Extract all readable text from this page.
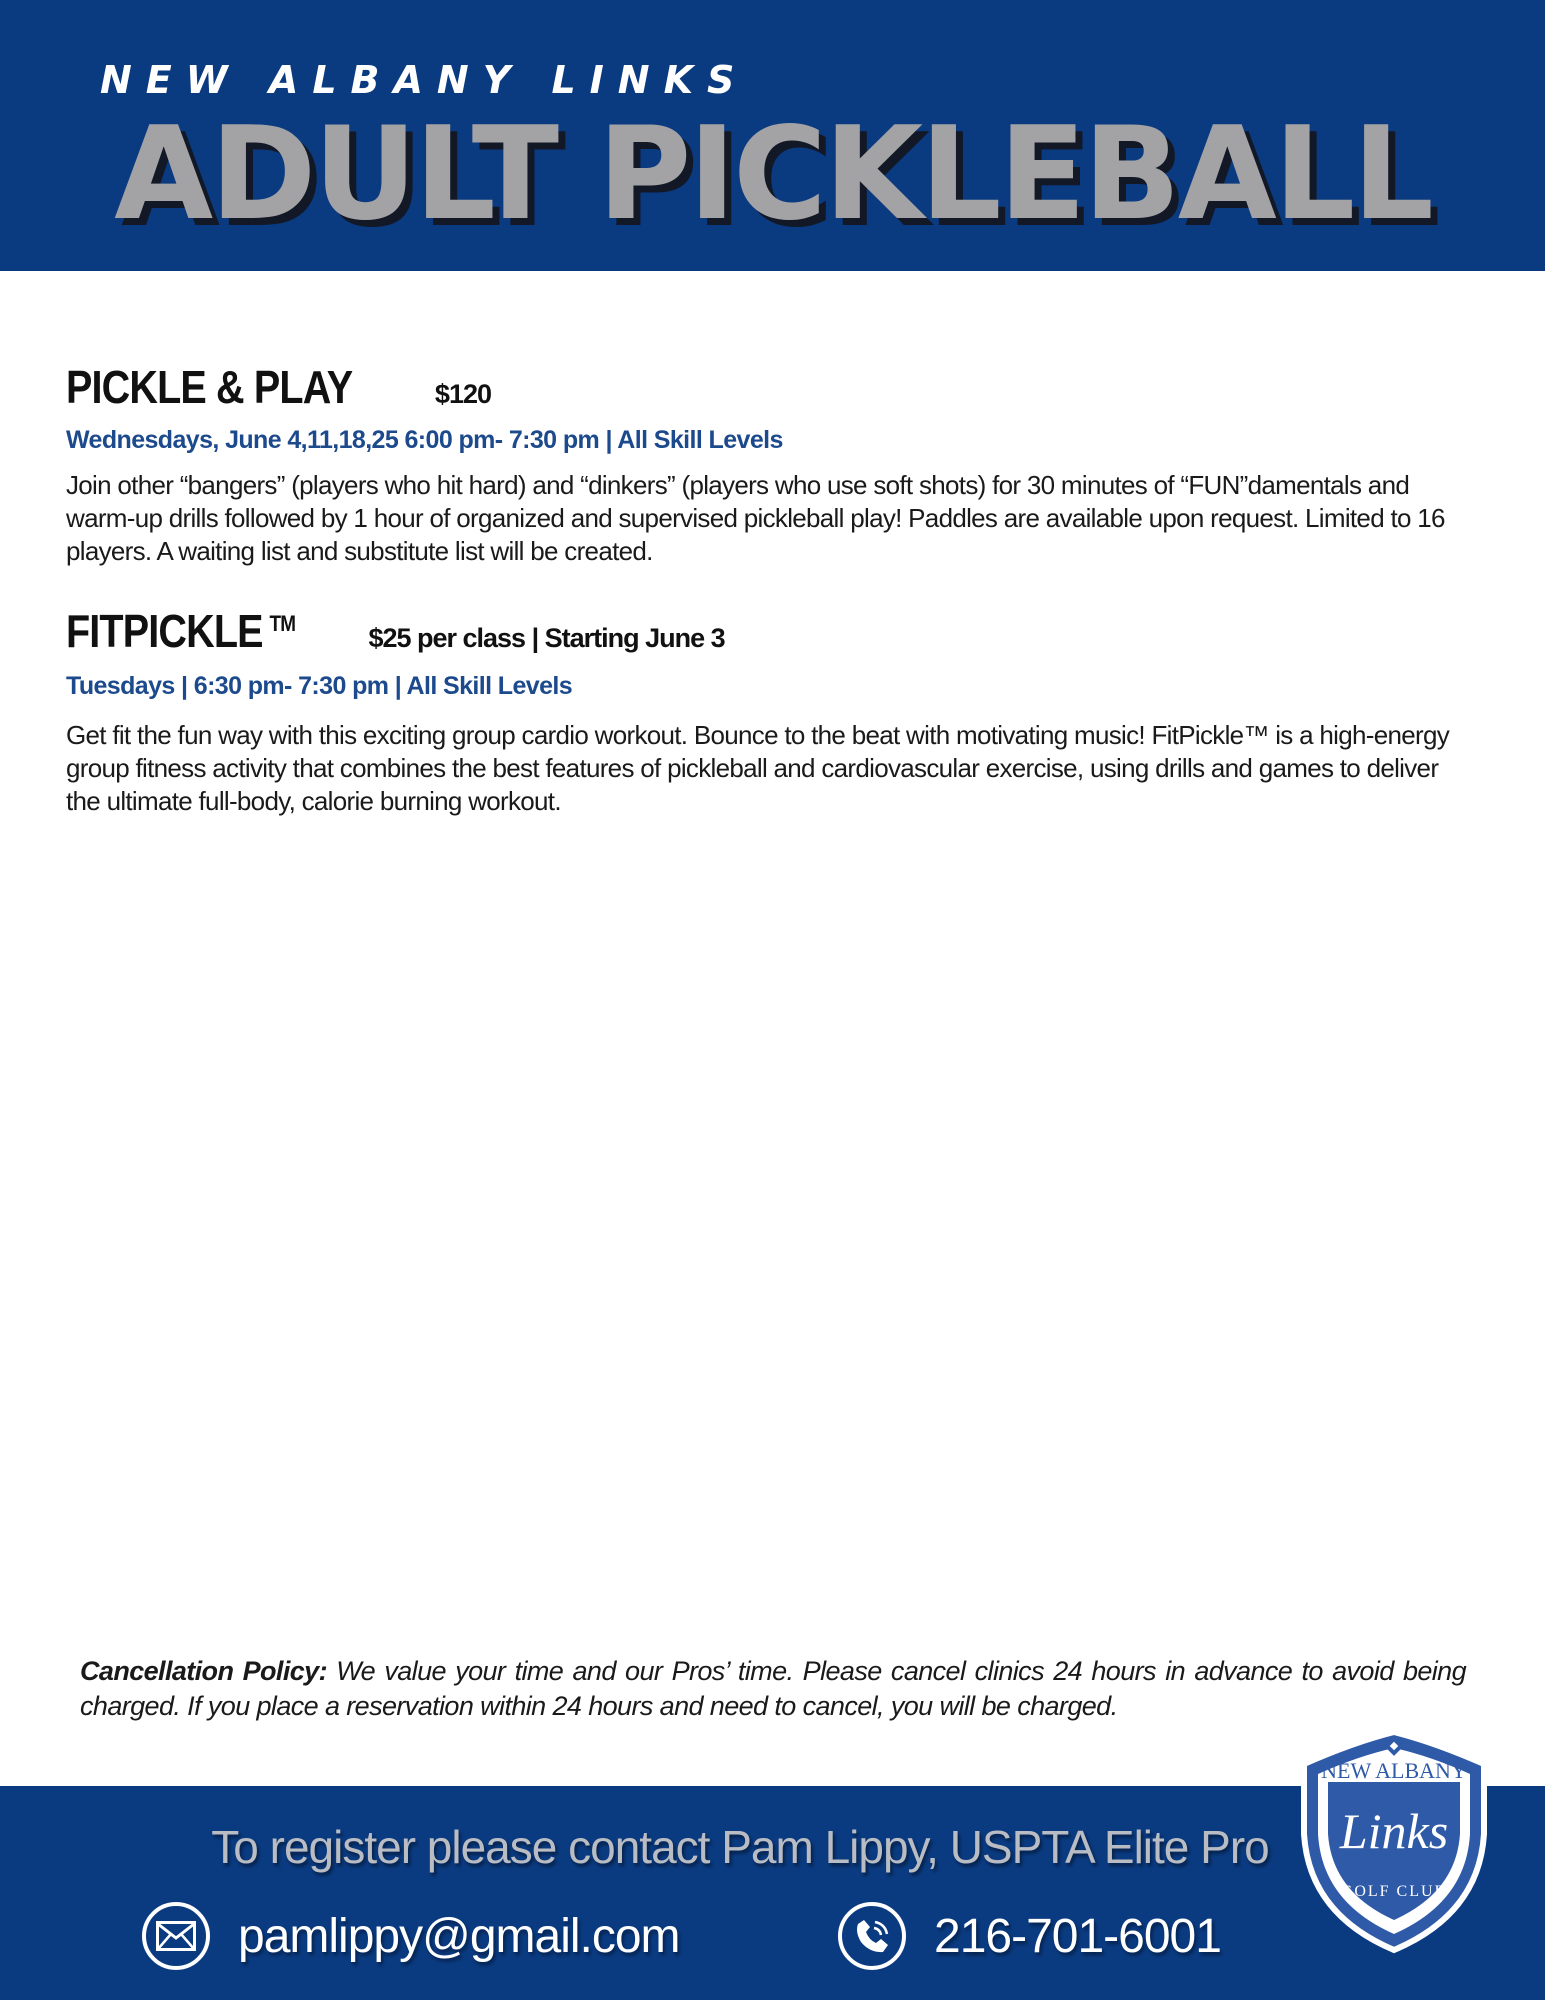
NEW ALBANY LINKS
ADULT PICKLEBALL
PICKLE & PLAY	$120
Wednesdays, June 4,11,18,25 6:00 pm- 7:30 pm | All Skill Levels
Join other “bangers” (players who hit hard) and “dinkers” (players who use soft shots) for 30 minutes of “FUN”damentals and warm-up drills followed by 1 hour of organized and supervised pickleball play! Paddles are available upon request. Limited to 16 players. A waiting list and substitute list will be created.
FITPICKLE ™	$25 per class | Starting June 3
Tuesdays | 6:30 pm- 7:30 pm | All Skill Levels
Get fit the fun way with this exciting group cardio workout. Bounce to the beat with motivating music! FitPickle™ is a high-energy group fitness activity that combines the best features of pickleball and cardiovascular exercise, using drills and games to deliver the ultimate full-body, calorie burning workout.
Cancellation Policy: We value your time and our Pros’ time. Please cancel clinics 24 hours in advance to avoid being charged. If you place a reservation within 24 hours and need to cancel, you will be charged.
To register please contact Pam Lippy, USPTA Elite Pro
pamlippy@gmail.com	216-701-6001
NEW ALBANY
Links
GOLF CLUB
